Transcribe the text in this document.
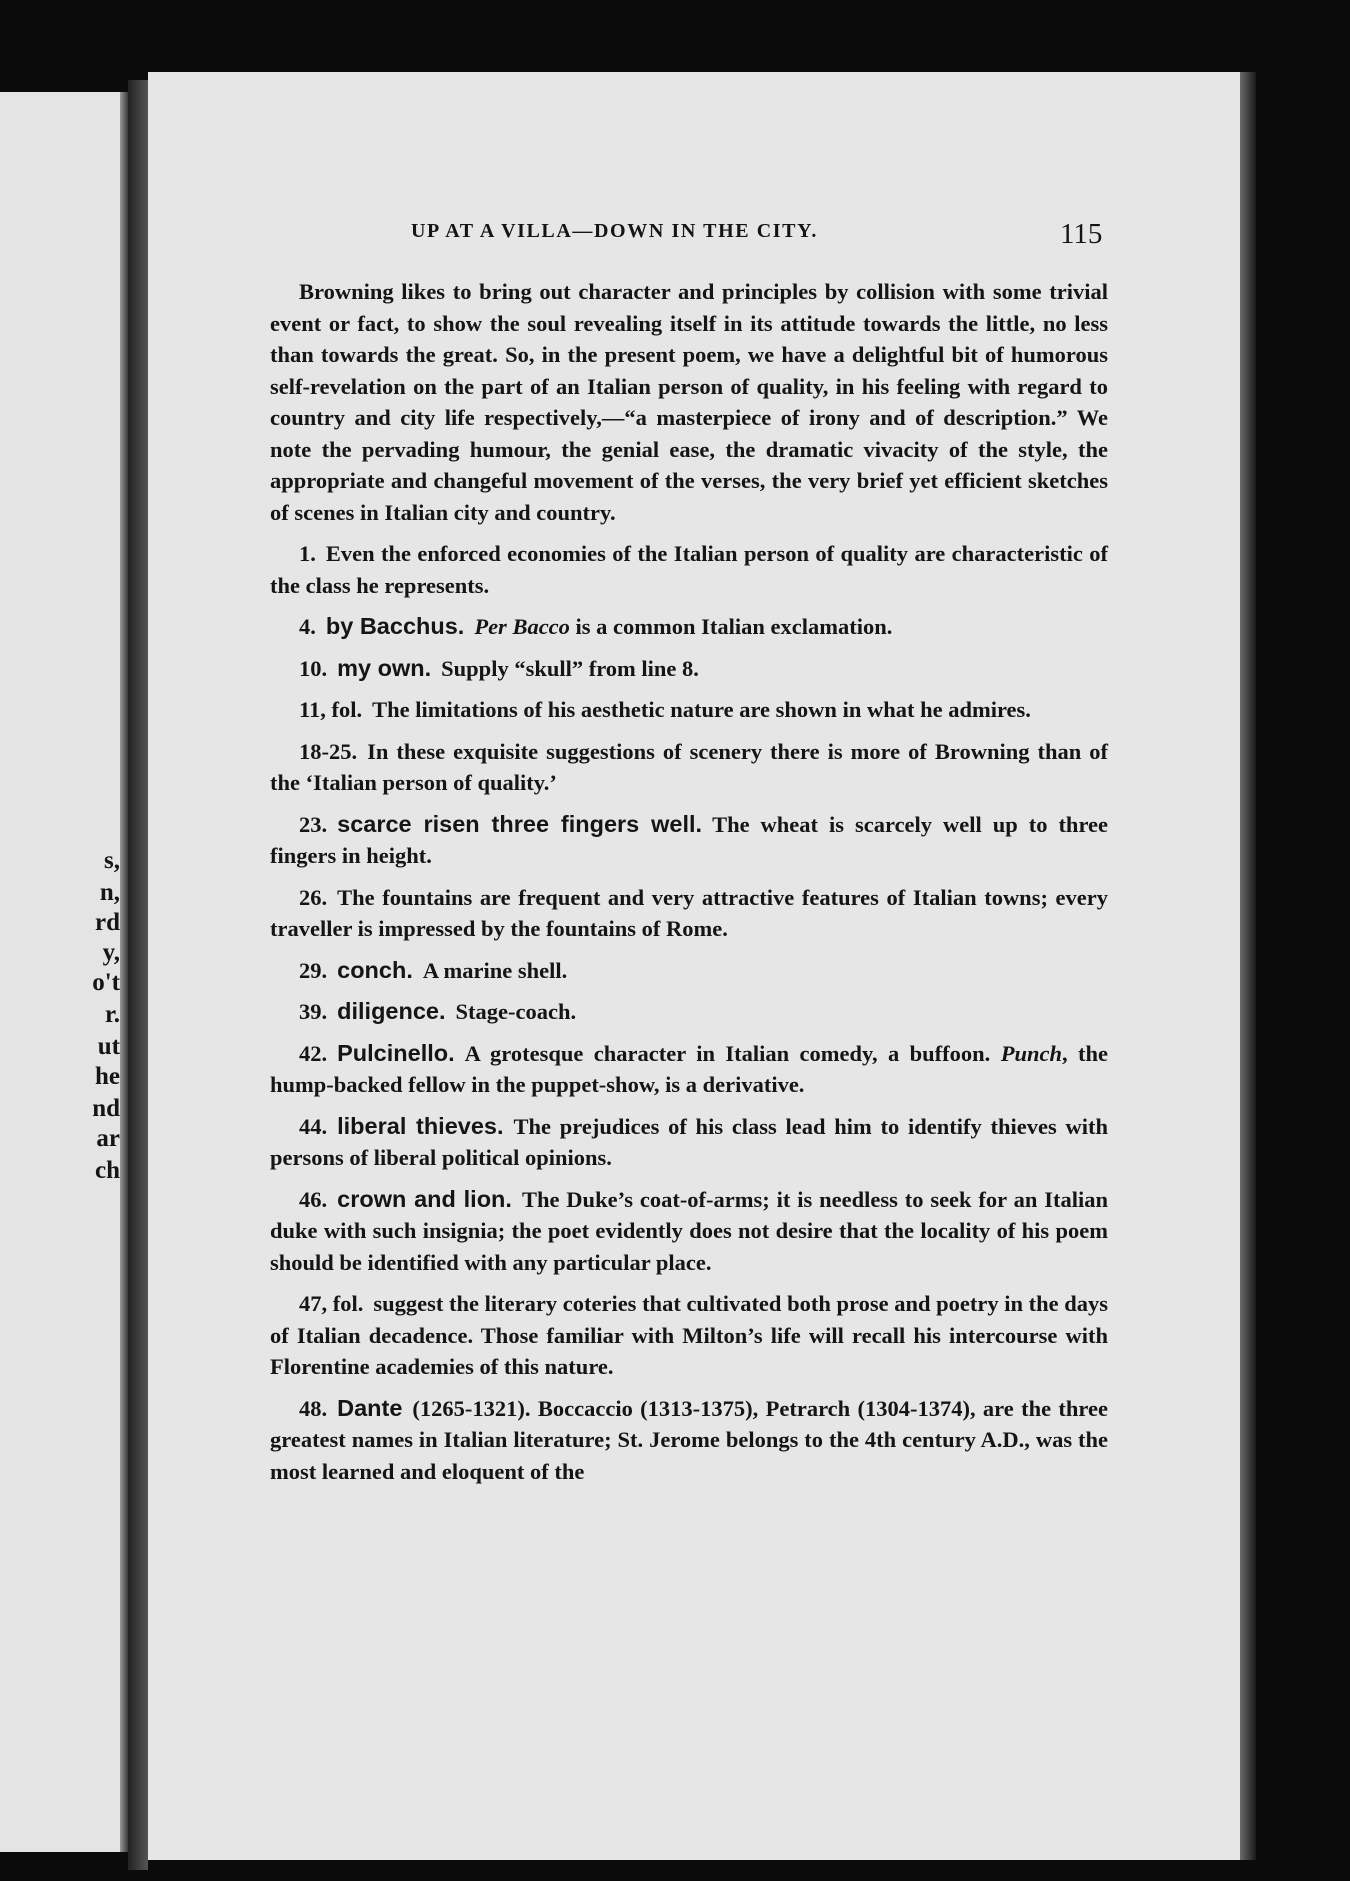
s,
n,
rd
y,
o't
r.
ut
he
nd
ar
ch
UP AT A VILLA—DOWN IN THE CITY.	115

Browning likes to bring out character and principles by collision with some trivial event or fact, to show the soul revealing itself in its attitude towards the little, no less than towards the great. So, in the present poem, we have a delightful bit of humorous self-revelation on the part of an Italian person of quality, in his feeling with regard to country and city life respectively,—“a masterpiece of irony and of description.” We note the pervading humour, the genial ease, the dramatic vivacity of the style, the appropriate and changeful movement of the verses, the very brief yet efficient sketches of scenes in Italian city and country.

1. Even the enforced economies of the Italian person of quality are characteristic of the class he represents.

4. by Bacchus. Per Bacco is a common Italian exclamation.

10. my own. Supply “skull” from line 8.

11, fol. The limitations of his aesthetic nature are shown in what he admires.

18-25. In these exquisite suggestions of scenery there is more of Browning than of the ‘Italian person of quality.’

23. scarce risen three fingers well. The wheat is scarcely well up to three fingers in height.

26. The fountains are frequent and very attractive features of Italian towns; every traveller is impressed by the fountains of Rome.

29. conch. A marine shell.

39. diligence. Stage-coach.

42. Pulcinello. A grotesque character in Italian comedy, a buffoon. Punch, the hump-backed fellow in the puppet-show, is a derivative.

44. liberal thieves. The prejudices of his class lead him to identify thieves with persons of liberal political opinions.

46. crown and lion. The Duke’s coat-of-arms; it is needless to seek for an Italian duke with such insignia; the poet evidently does not desire that the locality of his poem should be identified with any particular place.

47, fol. suggest the literary coteries that cultivated both prose and poetry in the days of Italian decadence. Those familiar with Milton’s life will recall his intercourse with Florentine academies of this nature.

48. Dante (1265-1321). Boccaccio (1313-1375), Petrarch (1304-1374), are the three greatest names in Italian literature; St. Jerome belongs to the 4th century A.D., was the most learned and eloquent of the
